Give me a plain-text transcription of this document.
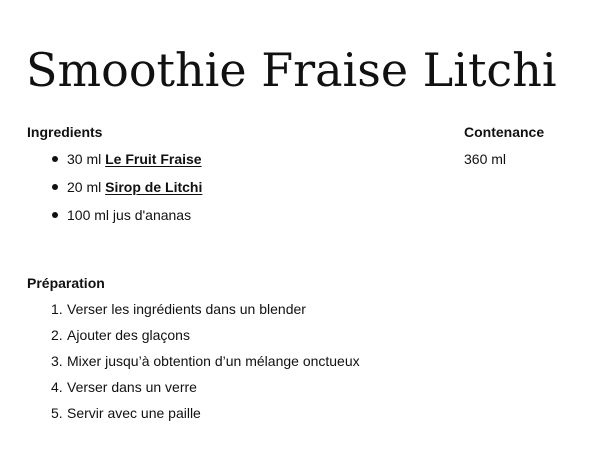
Smoothie Fraise Litchi
Ingredients
30 ml Le Fruit Fraise
20 ml Sirop de Litchi
100 ml jus d'ananas
Contenance
360 ml
Préparation
1. Verser les ingrédients dans un blender
2. Ajouter des glaçons
3. Mixer jusqu’à obtention d’un mélange onctueux
4. Verser dans un verre
5. Servir avec une paille
